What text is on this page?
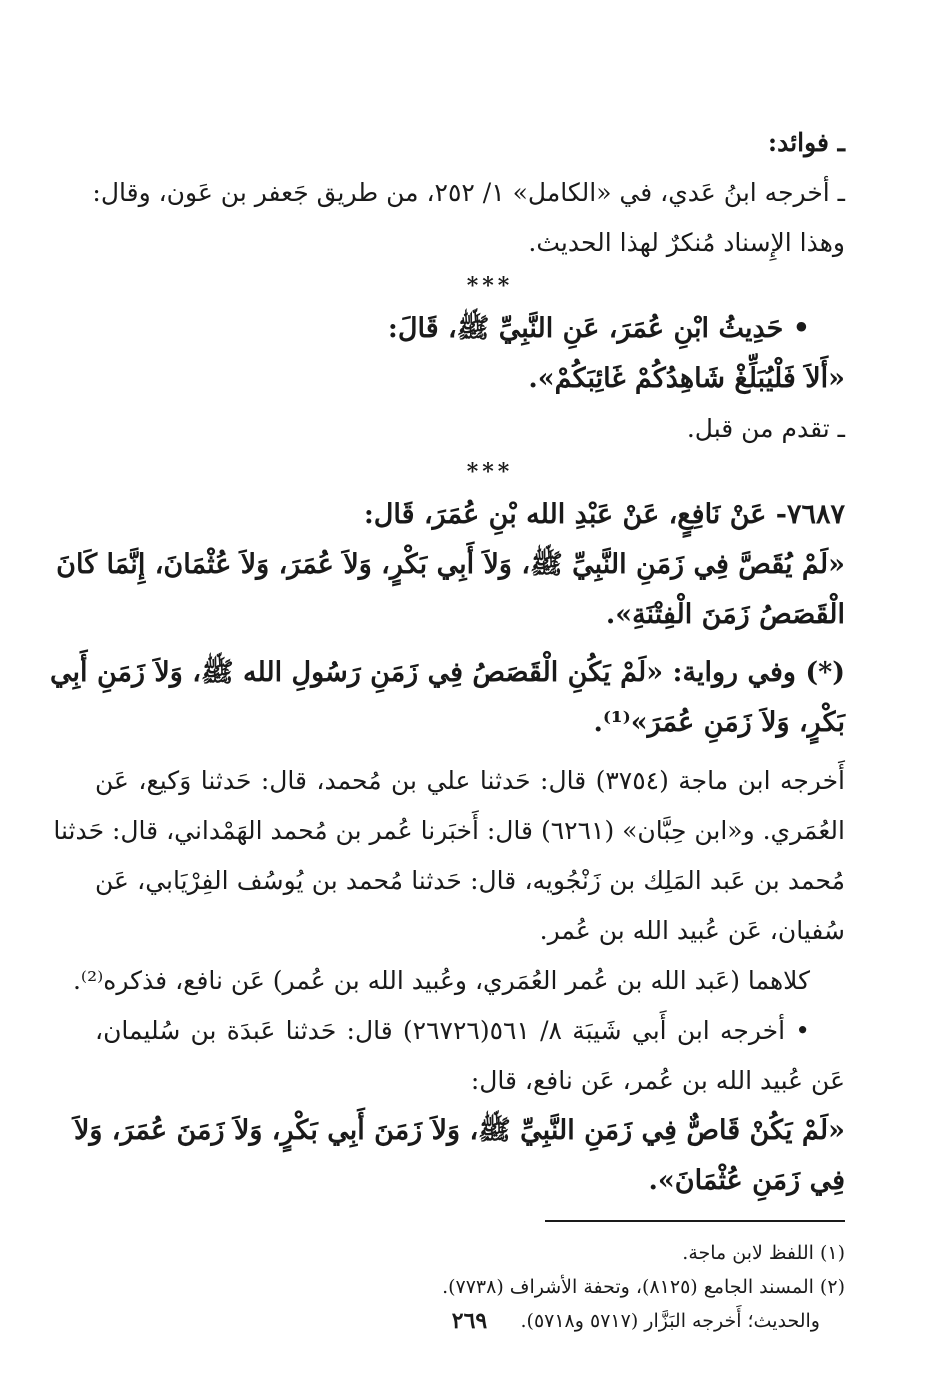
ـ فوائد:
ـ أخرجه ابنُ عَدي، في «الكامل» ١/ ٢٥٢، من طريق جَعفر بن عَون، وقال:
وهذا الإِسناد مُنكرٌ لهذا الحديث.
***
• حَدِيثُ ابْنِ عُمَرَ، عَنِ النَّبِيِّ ﷺ، قَالَ:
«أَلاَ فَلْيُبَلِّغْ شَاهِدُكُمْ غَائِبَكُمْ».
ـ تقدم من قبل.
***
٧٦٨٧- عَنْ نَافِعٍ، عَنْ عَبْدِ الله بْنِ عُمَرَ، قَال:
«لَمْ يُقَصَّ فِي زَمَنِ النَّبِيِّ ﷺ، وَلاَ أَبِي بَكْرٍ، وَلاَ عُمَرَ، وَلاَ عُثْمَانَ، إِنَّمَا كَانَ
الْقَصَصُ زَمَنَ الْفِتْنَةِ».
(*) وفي رواية: «لَمْ يَكُنِ الْقَصَصُ فِي زَمَنِ رَسُولِ الله ﷺ، وَلاَ زَمَنِ أَبِي
بَكْرٍ، وَلاَ زَمَنِ عُمَرَ»⁽¹⁾.
أَخرجه ابن ماجة (٣٧٥٤) قال: حَدثنا علي بن مُحمد، قال: حَدثنا وَكيع، عَن
العُمَري. و«ابن حِبَّان» (٦٢٦١) قال: أَخبَرنا عُمر بن مُحمد الهَمْداني، قال: حَدثنا
مُحمد بن عَبد المَلِك بن زَنْجُويه، قال: حَدثنا مُحمد بن يُوسُف الفِرْيَابي، عَن
سُفيان، عَن عُبيد الله بن عُمر.
كلاهما (عَبد الله بن عُمر العُمَري، وعُبيد الله بن عُمر) عَن نافع، فذكره⁽²⁾.
• أخرجه ابن أَبي شَيبَة ٨/ ٥٦١(٢٦٧٢٦) قال: حَدثنا عَبدَة بن سُليمان،
عَن عُبيد الله بن عُمر، عَن نافع، قال:
«لَمْ يَكُنْ قَاصٌّ فِي زَمَنِ النَّبِيِّ ﷺ، وَلاَ زَمَنَ أَبِي بَكْرٍ، وَلاَ زَمَنَ عُمَرَ، وَلاَ
فِي زَمَنِ عُثْمَانَ».
(١) اللفظ لابن ماجة.
(٢) المسند الجامع (٨١٢٥)، وتحفة الأشراف (٧٧٣٨).
والحديث؛ أَخرجه البَزَّار (٥٧١٧ و٥٧١٨).
٢٦٩
